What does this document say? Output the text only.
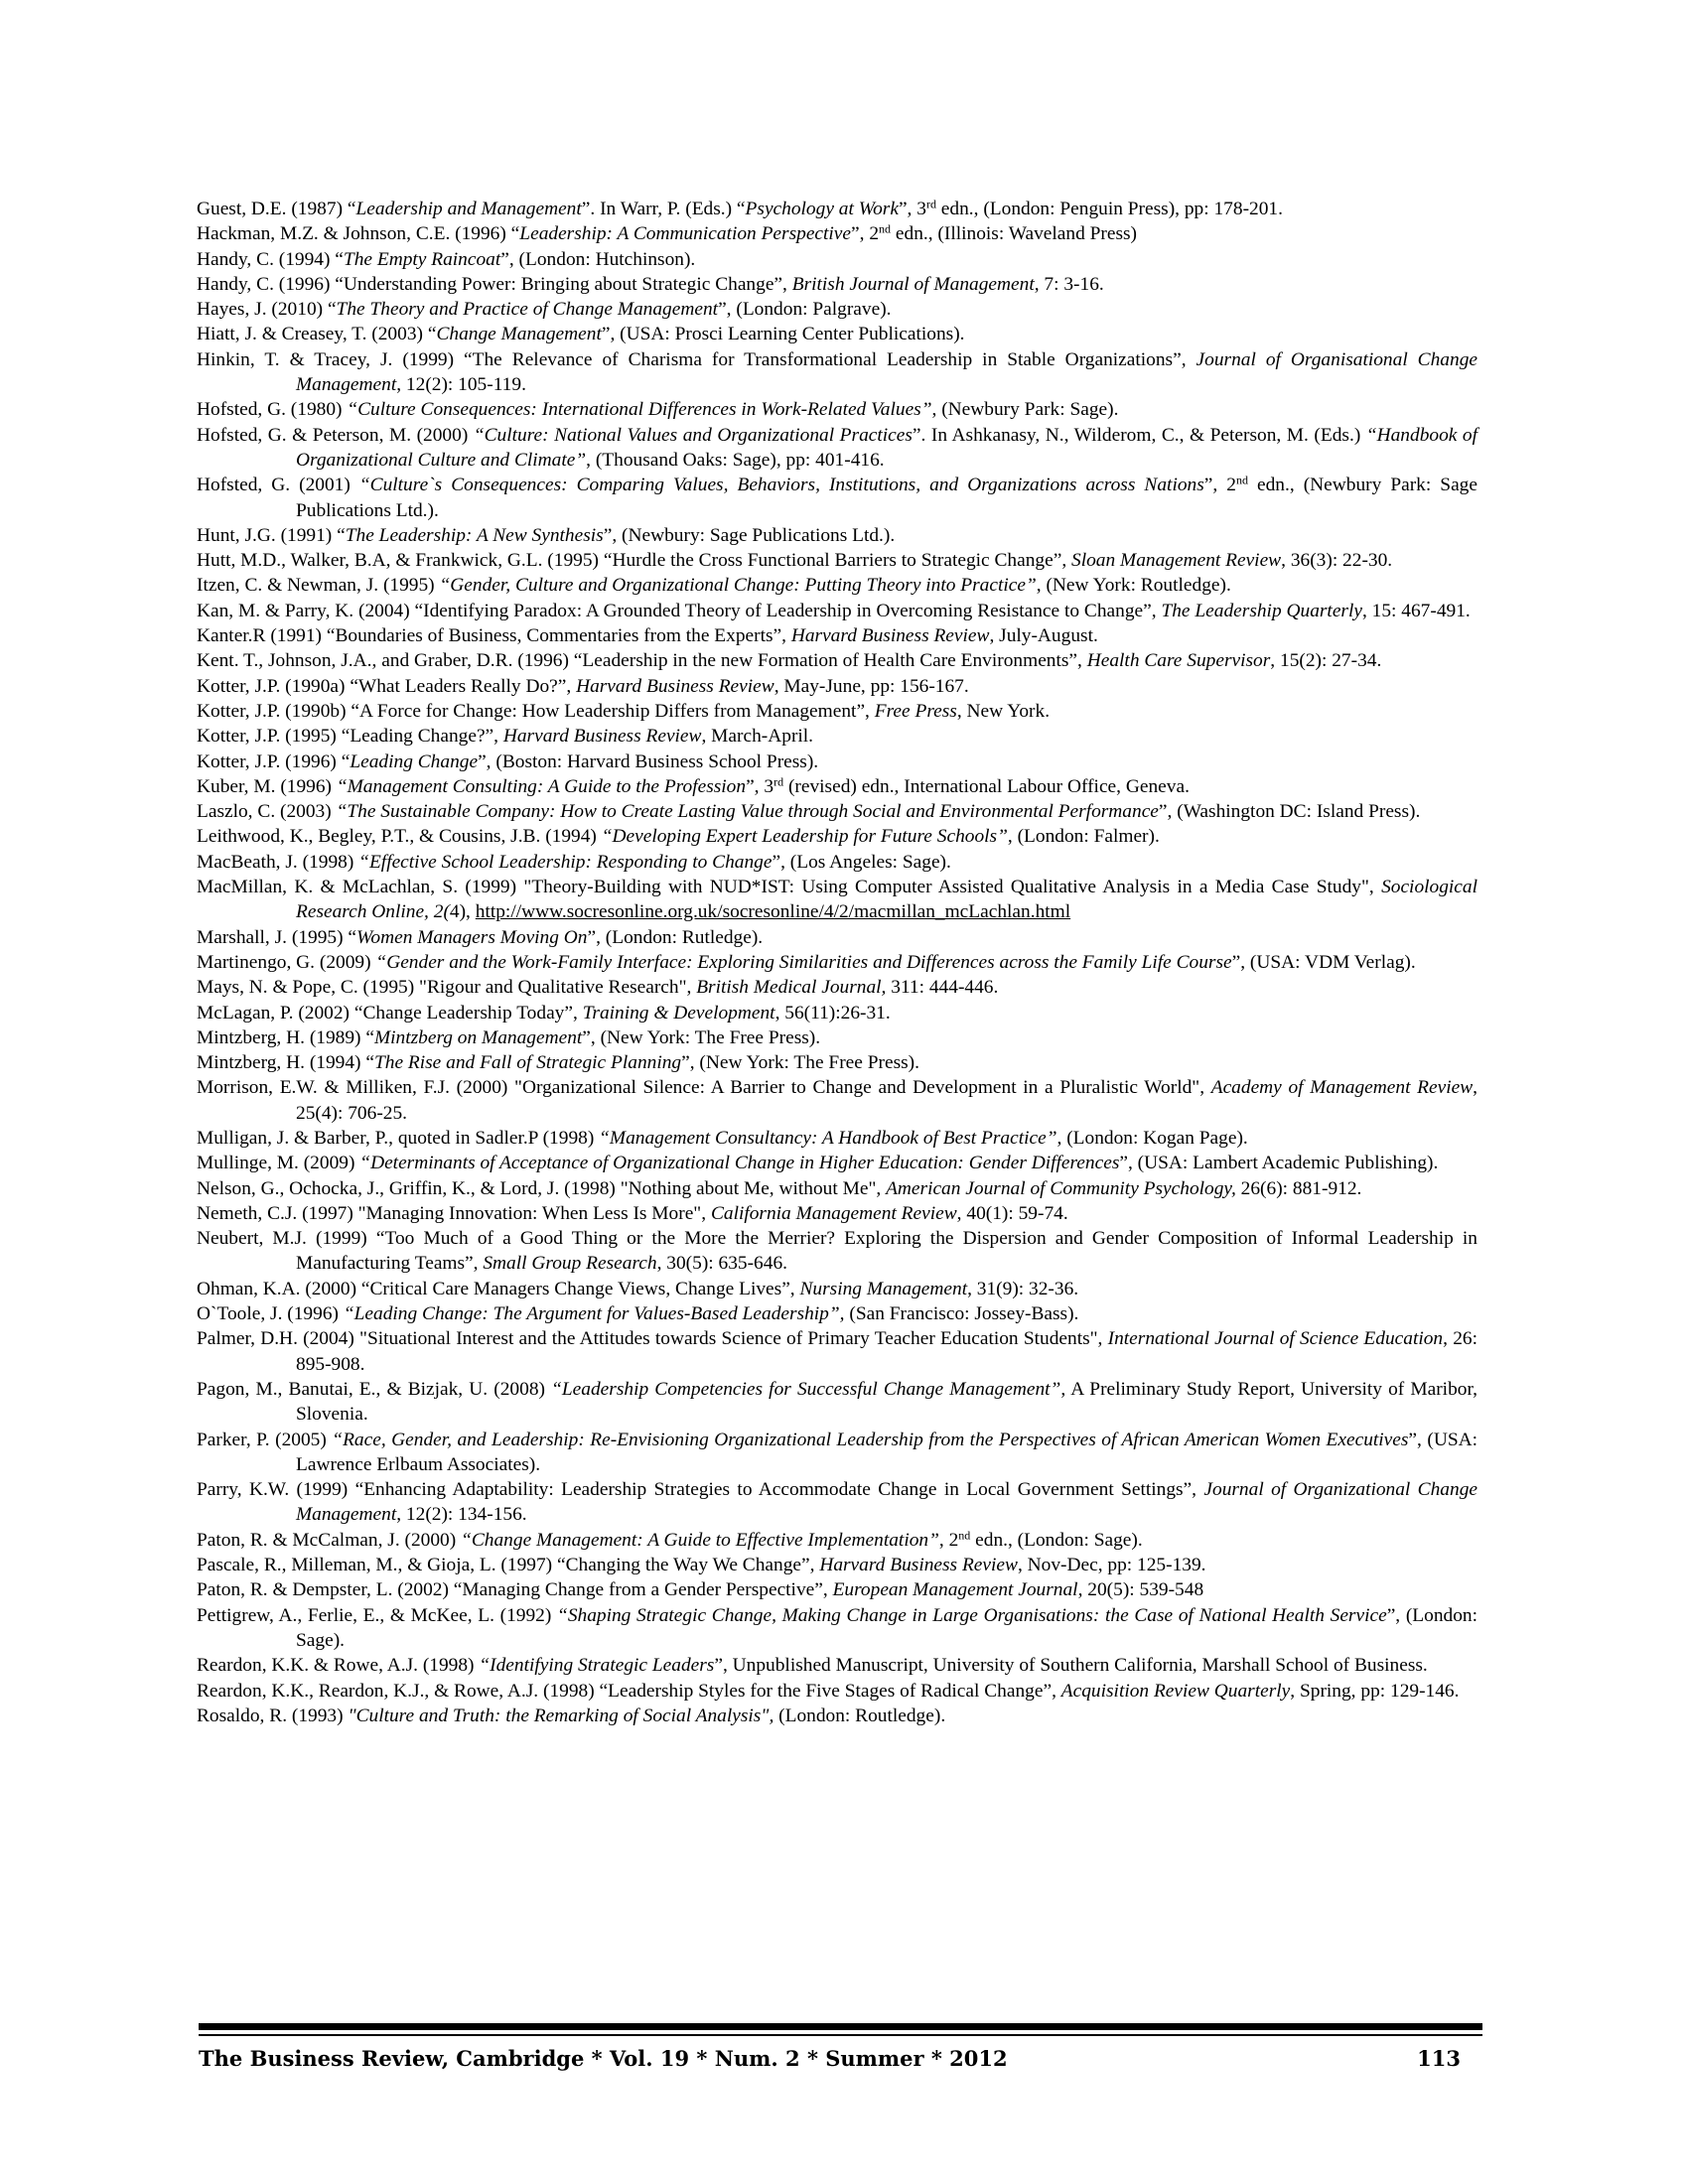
Guest, D.E. (1987) “Leadership and Management”. In Warr, P. (Eds.) “Psychology at Work”, 3rd edn., (London: Penguin Press), pp: 178-201.

Hackman, M.Z. & Johnson, C.E. (1996) “Leadership: A Communication Perspective”, 2nd edn., (Illinois: Waveland Press)

Handy, C. (1994) “The Empty Raincoat”, (London: Hutchinson).

Handy, C. (1996) “Understanding Power: Bringing about Strategic Change”, British Journal of Management, 7: 3-16.

Hayes, J. (2010) “The Theory and Practice of Change Management”, (London: Palgrave).

Hiatt, J. & Creasey, T. (2003) “Change Management”, (USA: Prosci Learning Center Publications).

Hinkin, T. & Tracey, J. (1999) “The Relevance of Charisma for Transformational Leadership in Stable Organizations”, Journal of Organisational Change Management, 12(2): 105-119.

Hofsted, G. (1980) “Culture Consequences: International Differences in Work-Related Values”, (Newbury Park: Sage).

Hofsted, G. & Peterson, M. (2000) “Culture: National Values and Organizational Practices”. In Ashkanasy, N., Wilderom, C., & Peterson, M. (Eds.) “Handbook of Organizational Culture and Climate”, (Thousand Oaks: Sage), pp: 401-416.

Hofsted, G. (2001) “Culture`s Consequences: Comparing Values, Behaviors, Institutions, and Organizations across Nations”, 2nd edn., (Newbury Park: Sage Publications Ltd.).

Hunt, J.G. (1991) “The Leadership: A New Synthesis”, (Newbury: Sage Publications Ltd.).

Hutt, M.D., Walker, B.A, & Frankwick, G.L. (1995) “Hurdle the Cross Functional Barriers to Strategic Change”, Sloan Management Review, 36(3): 22-30.

Itzen, C. & Newman, J. (1995) “Gender, Culture and Organizational Change: Putting Theory into Practice”, (New York: Routledge).

Kan, M. & Parry, K. (2004) “Identifying Paradox: A Grounded Theory of Leadership in Overcoming Resistance to Change”, The Leadership Quarterly, 15: 467-491.

Kanter.R (1991) “Boundaries of Business, Commentaries from the Experts”, Harvard Business Review, July-August.

Kent. T., Johnson, J.A., and Graber, D.R. (1996) “Leadership in the new Formation of Health Care Environments”, Health Care Supervisor, 15(2): 27-34.

Kotter, J.P. (1990a) “What Leaders Really Do?”, Harvard Business Review, May-June, pp: 156-167.

Kotter, J.P. (1990b) “A Force for Change: How Leadership Differs from Management”, Free Press, New York.

Kotter, J.P. (1995) “Leading Change?”, Harvard Business Review, March-April.

Kotter, J.P. (1996) “Leading Change”, (Boston: Harvard Business School Press).

Kuber, M. (1996) “Management Consulting: A Guide to the Profession”, 3rd (revised) edn., International Labour Office, Geneva.

Laszlo, C. (2003) “The Sustainable Company: How to Create Lasting Value through Social and Environmental Performance”, (Washington DC: Island Press).

Leithwood, K., Begley, P.T., & Cousins, J.B. (1994) “Developing Expert Leadership for Future Schools”, (London: Falmer).

MacBeath, J. (1998) “Effective School Leadership: Responding to Change”, (Los Angeles: Sage).

MacMillan, K. & McLachlan, S. (1999) "Theory-Building with NUD*IST: Using Computer Assisted Qualitative Analysis in a Media Case Study", Sociological Research Online, 2(4), http://www.socresonline.org.uk/socresonline/4/2/macmillan_mcLachlan.html

Marshall, J. (1995) “Women Managers Moving On”, (London: Rutledge).

Martinengo, G. (2009) “Gender and the Work-Family Interface: Exploring Similarities and Differences across the Family Life Course”, (USA: VDM Verlag).

Mays, N. & Pope, C. (1995) "Rigour and Qualitative Research", British Medical Journal, 311: 444-446.

McLagan, P. (2002) “Change Leadership Today”, Training & Development, 56(11):26-31.

Mintzberg, H. (1989) “Mintzberg on Management”, (New York: The Free Press).

Mintzberg, H. (1994) “The Rise and Fall of Strategic Planning”, (New York: The Free Press).

Morrison, E.W. & Milliken, F.J. (2000) "Organizational Silence: A Barrier to Change and Development in a Pluralistic World", Academy of Management Review, 25(4): 706-25.

Mulligan, J. & Barber, P., quoted in Sadler.P (1998) “Management Consultancy: A Handbook of Best Practice”, (London: Kogan Page).

Mullinge, M. (2009) “Determinants of Acceptance of Organizational Change in Higher Education: Gender Differences”, (USA: Lambert Academic Publishing).

Nelson, G., Ochocka, J., Griffin, K., & Lord, J. (1998) "Nothing about Me, without Me", American Journal of Community Psychology, 26(6): 881-912.

Nemeth, C.J. (1997) "Managing Innovation: When Less Is More", California Management Review, 40(1): 59-74.

Neubert, M.J. (1999) “Too Much of a Good Thing or the More the Merrier? Exploring the Dispersion and Gender Composition of Informal Leadership in Manufacturing Teams”, Small Group Research, 30(5): 635-646.

Ohman, K.A. (2000) “Critical Care Managers Change Views, Change Lives”, Nursing Management, 31(9): 32-36.

O`Toole, J. (1996) “Leading Change: The Argument for Values-Based Leadership”, (San Francisco: Jossey-Bass).

Palmer, D.H. (2004) "Situational Interest and the Attitudes towards Science of Primary Teacher Education Students", International Journal of Science Education, 26: 895-908.

Pagon, M., Banutai, E., & Bizjak, U. (2008) “Leadership Competencies for Successful Change Management”, A Preliminary Study Report, University of Maribor, Slovenia.

Parker, P. (2005) “Race, Gender, and Leadership: Re-Envisioning Organizational Leadership from the Perspectives of African American Women Executives”, (USA: Lawrence Erlbaum Associates).

Parry, K.W. (1999) “Enhancing Adaptability: Leadership Strategies to Accommodate Change in Local Government Settings”, Journal of Organizational Change Management, 12(2): 134-156.

Paton, R. & McCalman, J. (2000) “Change Management: A Guide to Effective Implementation”, 2nd edn., (London: Sage).

Pascale, R., Milleman, M., & Gioja, L. (1997) “Changing the Way We Change”, Harvard Business Review, Nov-Dec, pp: 125-139.

Paton, R. & Dempster, L. (2002) “Managing Change from a Gender Perspective”, European Management Journal, 20(5): 539-548

Pettigrew, A., Ferlie, E., & McKee, L. (1992) “Shaping Strategic Change, Making Change in Large Organisations: the Case of National Health Service”, (London: Sage).

Reardon, K.K. & Rowe, A.J. (1998) “Identifying Strategic Leaders”, Unpublished Manuscript, University of Southern California, Marshall School of Business.

Reardon, K.K., Reardon, K.J., & Rowe, A.J. (1998) “Leadership Styles for the Five Stages of Radical Change”, Acquisition Review Quarterly, Spring, pp: 129-146.

Rosaldo, R. (1993) "Culture and Truth: the Remarking of Social Analysis", (London: Routledge).

The Business Review, Cambridge * Vol. 19 * Num. 2 * Summer * 2012	113
